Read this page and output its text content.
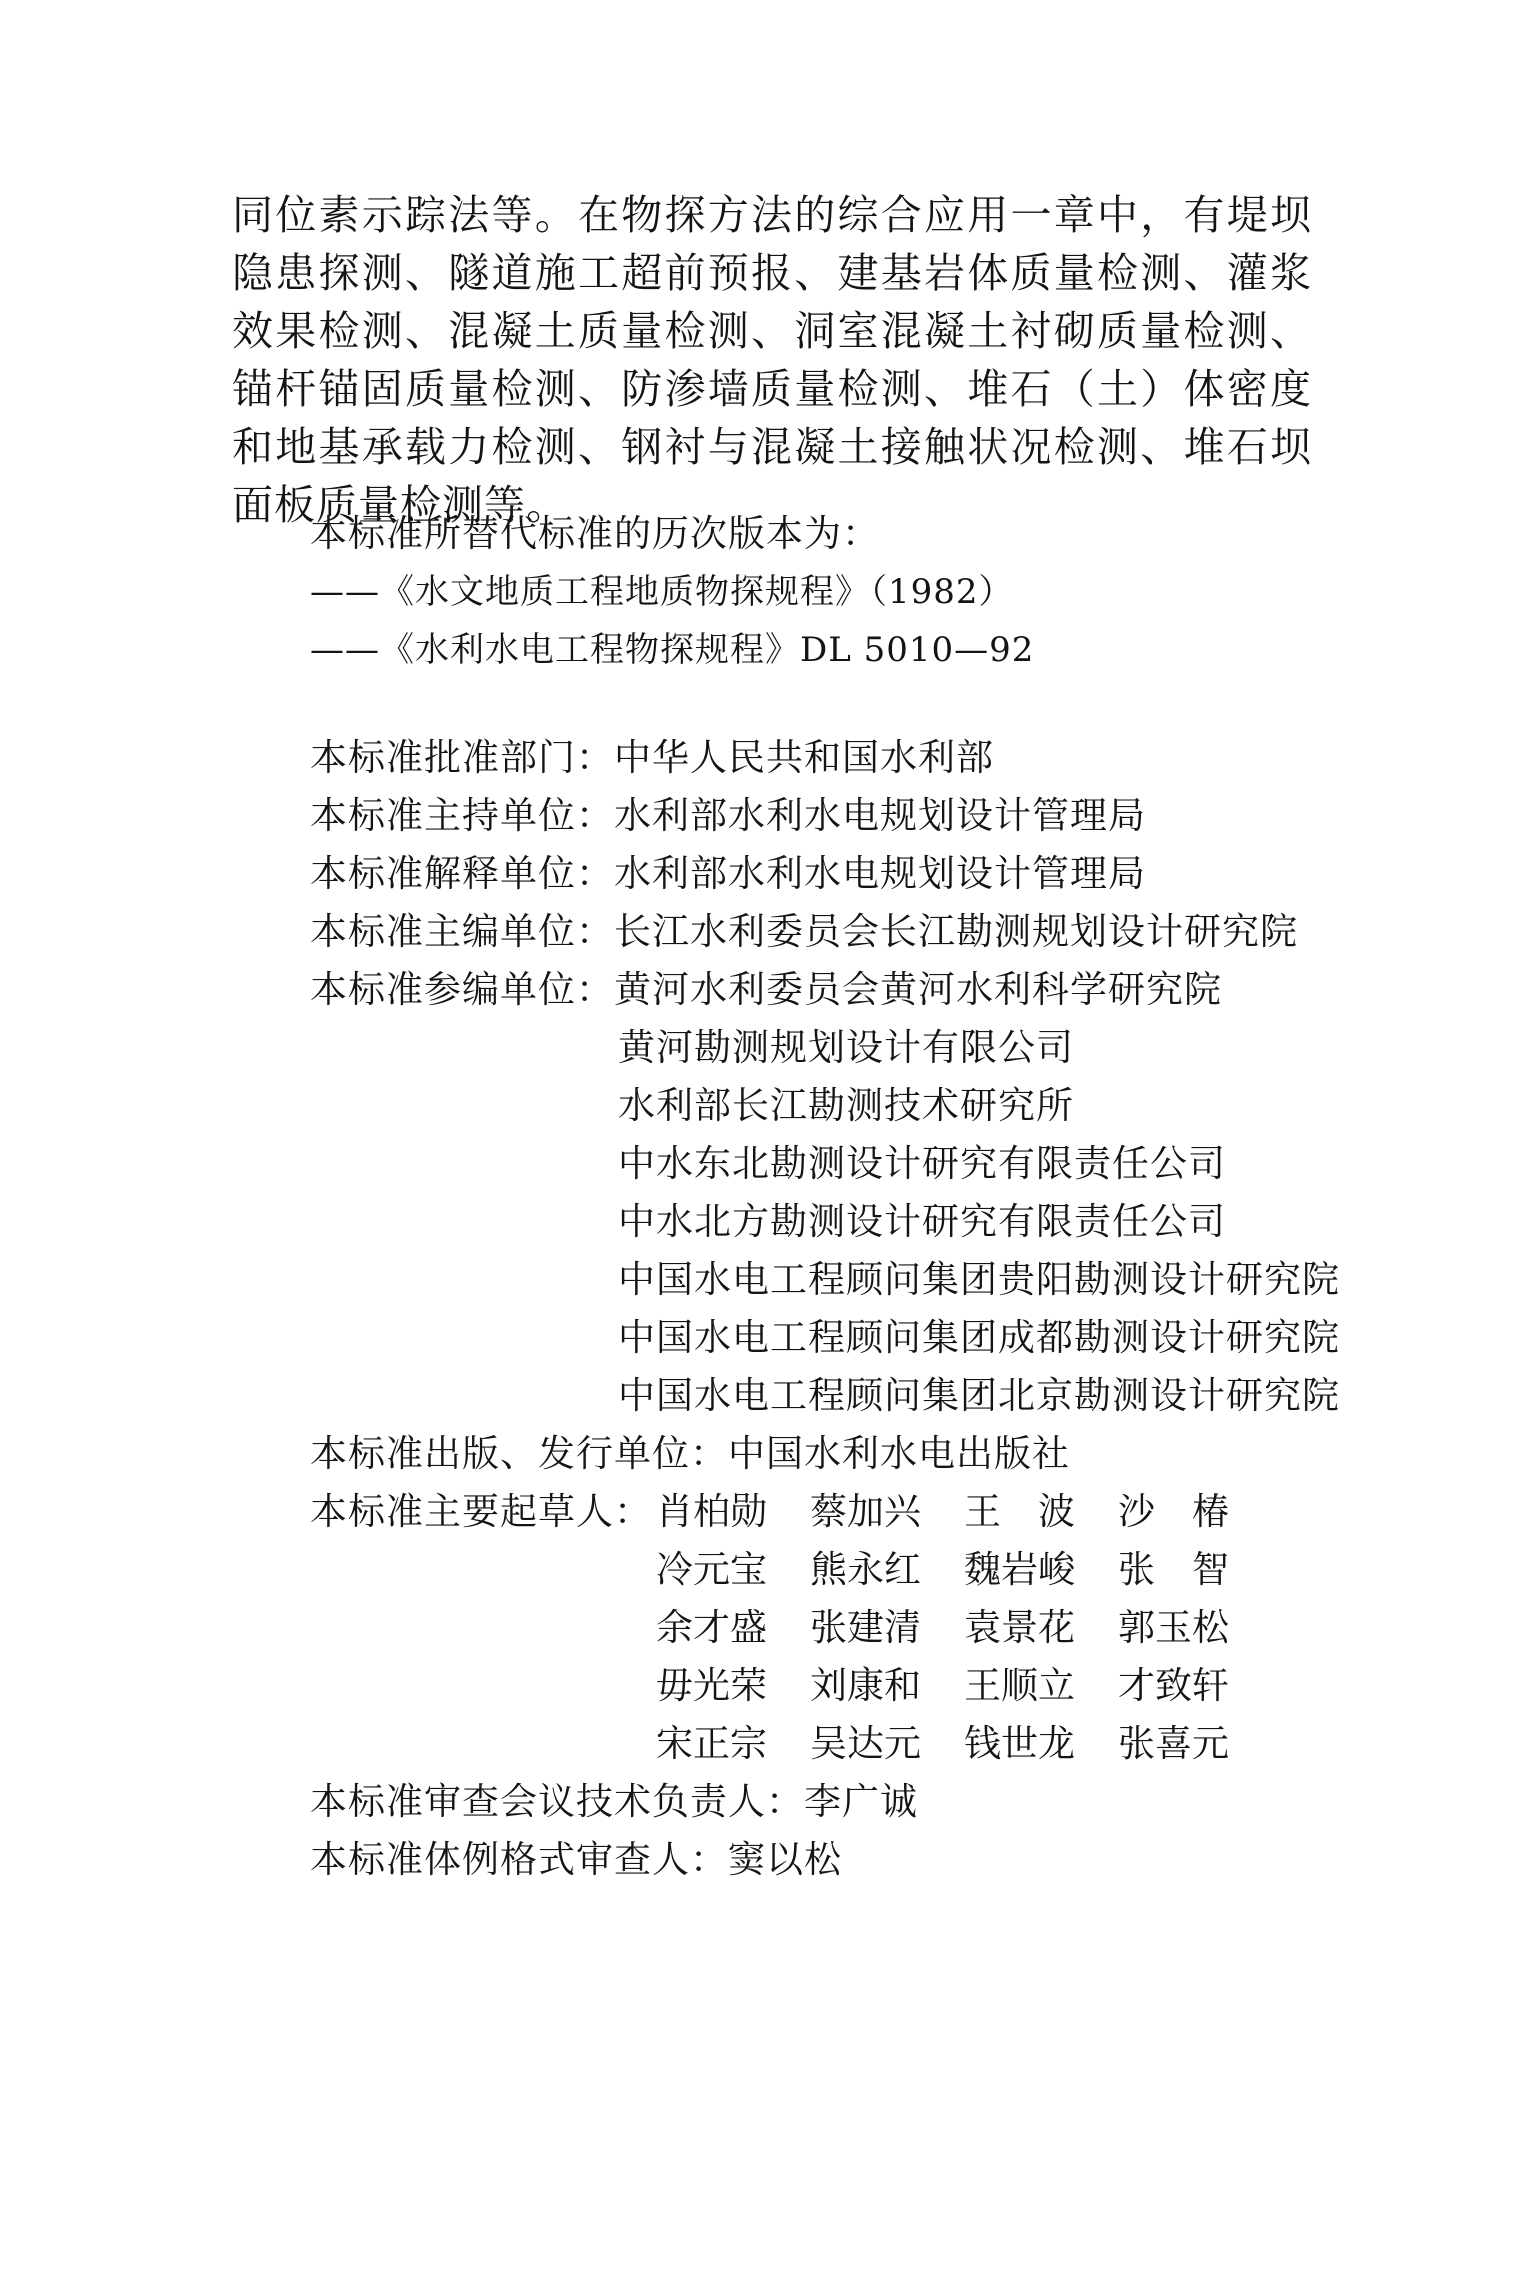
同位素示踪法等。在物探方法的综合应用一章中，有堤坝隐患探测、隧道施工超前预报、建基岩体质量检测、灌浆效果检测、混凝土质量检测、洞室混凝土衬砌质量检测、锚杆锚固质量检测、防渗墙质量检测、堆石（土）体密度和地基承载力检测、钢衬与混凝土接触状况检测、堆石坝面板质量检测等。

本标准所替代标准的历次版本为：
——《水文地质工程地质物探规程》（1982）
——《水利水电工程物探规程》DL 5010—92
本标准批准部门：中华人民共和国水利部
本标准主持单位：水利部水利水电规划设计管理局
本标准解释单位：水利部水利水电规划设计管理局
本标准主编单位：长江水利委员会长江勘测规划设计研究院
本标准参编单位：黄河水利委员会黄河水利科学研究院
黄河勘测规划设计有限公司
水利部长江勘测技术研究所
中水东北勘测设计研究有限责任公司
中水北方勘测设计研究有限责任公司
中国水电工程顾问集团贵阳勘测设计研究院
中国水电工程顾问集团成都勘测设计研究院
中国水电工程顾问集团北京勘测设计研究院
本标准出版、发行单位：中国水利水电出版社
本标准主要起草人： 肖柏勋 蔡加兴 王　波 沙　椿
冷元宝 熊永红 魏岩峻 张　智
余才盛 张建清 袁景花 郭玉松
毋光荣 刘康和 王顺立 才致轩
宋正宗 吴达元 钱世龙 张喜元
本标准审查会议技术负责人：李广诚
本标准体例格式审查人：窦以松
